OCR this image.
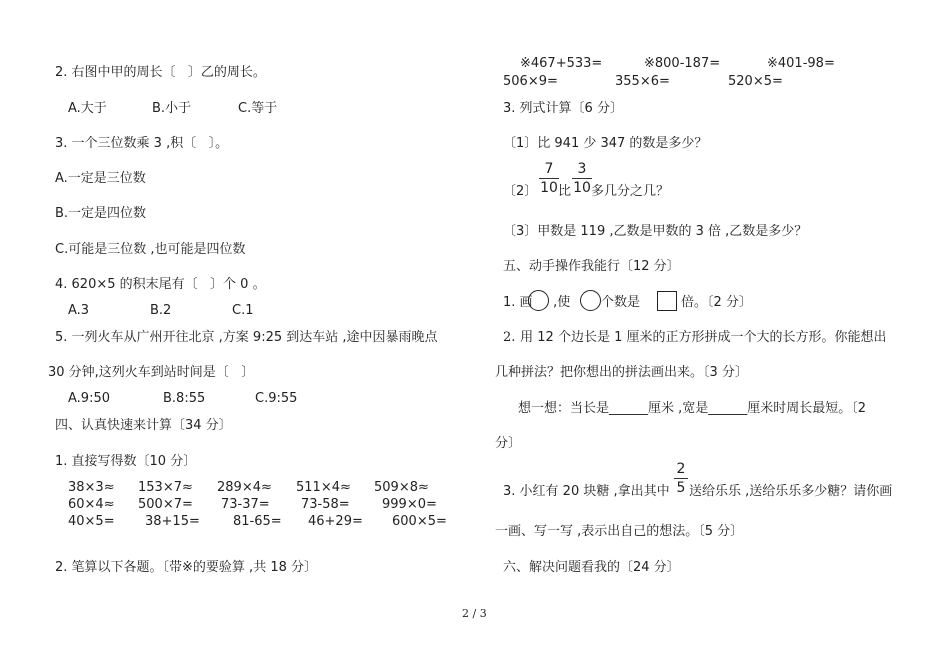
2. 右图中甲的周长〔   〕乙的周长。
A.大于	B.小于	C.等于
3. 一个三位数乘 3 ,积〔   〕。
A.一定是三位数
B.一定是四位数
C.可能是三位数 ,也可能是四位数
4. 620×5 的积末尾有〔   〕个 0 。
A.3	B.2	C.1
5. 一列火车从广州开往北京 ,方案 9:25 到达车站 ,途中因暴雨晚点
30 分钟,这列火车到站时间是〔   〕
A.9:50	B.8:55	C.9:55
四、认真快速来计算〔34 分〕
1. 直接写得数〔10 分〕
38×3≈ 153×7≈ 289×4≈ 511×4≈ 509×8≈
60×4≈ 500×7= 73-37= 73-58= 999×0=
40×5= 38+15=	81-65= 46+29= 600×5=
2. 笔算以下各题。〔带※的要验算 ,共 18 分〕
※467+533=	※800-187=	※401-98=
506×9=	355×6=	520×5=
3. 列式计算〔6 分〕
〔1〕比 941 少 347 的数是多少？
〔2〕
7
10 比
3
10 多几分之几？
〔3〕甲数是 119 ,乙数是甲数的 3 倍 ,乙数是多少？
五、动手操作我能行〔12 分〕
1. 画 ,使 个数是	倍。〔2 分〕
2. 用 12 个边长是 1 厘米的正方形拼成一个大的长方形。你能想出
几种拼法？把你想出的拼法画出来。〔3 分〕
想一想：当长是______厘米 ,宽是______厘米时周长最短。〔2
分〕
3. 小红有 20 块糖 ,拿出其中
2
5 送给乐乐 ,送给乐乐多少糖？请你画
一画、写一写 ,表示出自己的想法。〔5 分〕
六、解决问题看我的〔24 分〕
2 / 3
